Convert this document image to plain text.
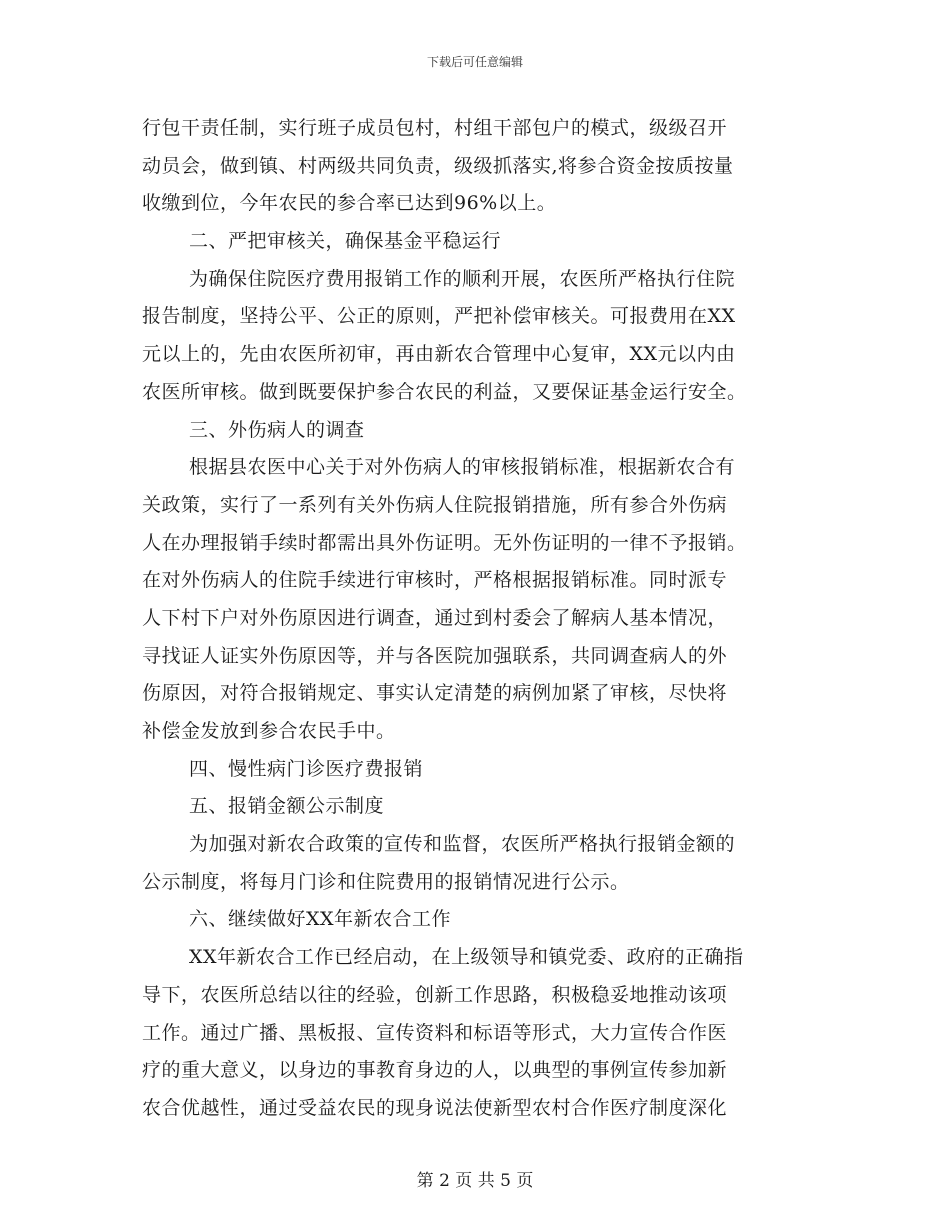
下载后可任意编辑
行包干责任制，实行班子成员包村，村组干部包户的模式，级级召开
动员会，做到镇、村两级共同负责，级级抓落实,将参合资金按质按量
收缴到位，今年农民的参合率已达到96%以上。
二、严把审核关，确保基金平稳运行
为确保住院医疗费用报销工作的顺利开展，农医所严格执行住院
报告制度，坚持公平、公正的原则，严把补偿审核关。可报费用在XX
元以上的，先由农医所初审，再由新农合管理中心复审，XX元以内由
农医所审核。做到既要保护参合农民的利益，又要保证基金运行安全。
三、外伤病人的调查
根据县农医中心关于对外伤病人的审核报销标准，根据新农合有
关政策，实行了一系列有关外伤病人住院报销措施，所有参合外伤病
人在办理报销手续时都需出具外伤证明。无外伤证明的一律不予报销。
在对外伤病人的住院手续进行审核时，严格根据报销标准。同时派专
人下村下户对外伤原因进行调查，通过到村委会了解病人基本情况，
寻找证人证实外伤原因等，并与各医院加强联系，共同调查病人的外
伤原因，对符合报销规定、事实认定清楚的病例加紧了审核，尽快将
补偿金发放到参合农民手中。
四、慢性病门诊医疗费报销
五、报销金额公示制度
为加强对新农合政策的宣传和监督，农医所严格执行报销金额的
公示制度，将每月门诊和住院费用的报销情况进行公示。
六、继续做好XX年新农合工作
XX年新农合工作已经启动，在上级领导和镇党委、政府的正确指
导下，农医所总结以往的经验，创新工作思路，积极稳妥地推动该项
工作。通过广播、黑板报、宣传资料和标语等形式，大力宣传合作医
疗的重大意义，以身边的事教育身边的人，以典型的事例宣传参加新
农合优越性，通过受益农民的现身说法使新型农村合作医疗制度深化
第 2 页 共 5 页
